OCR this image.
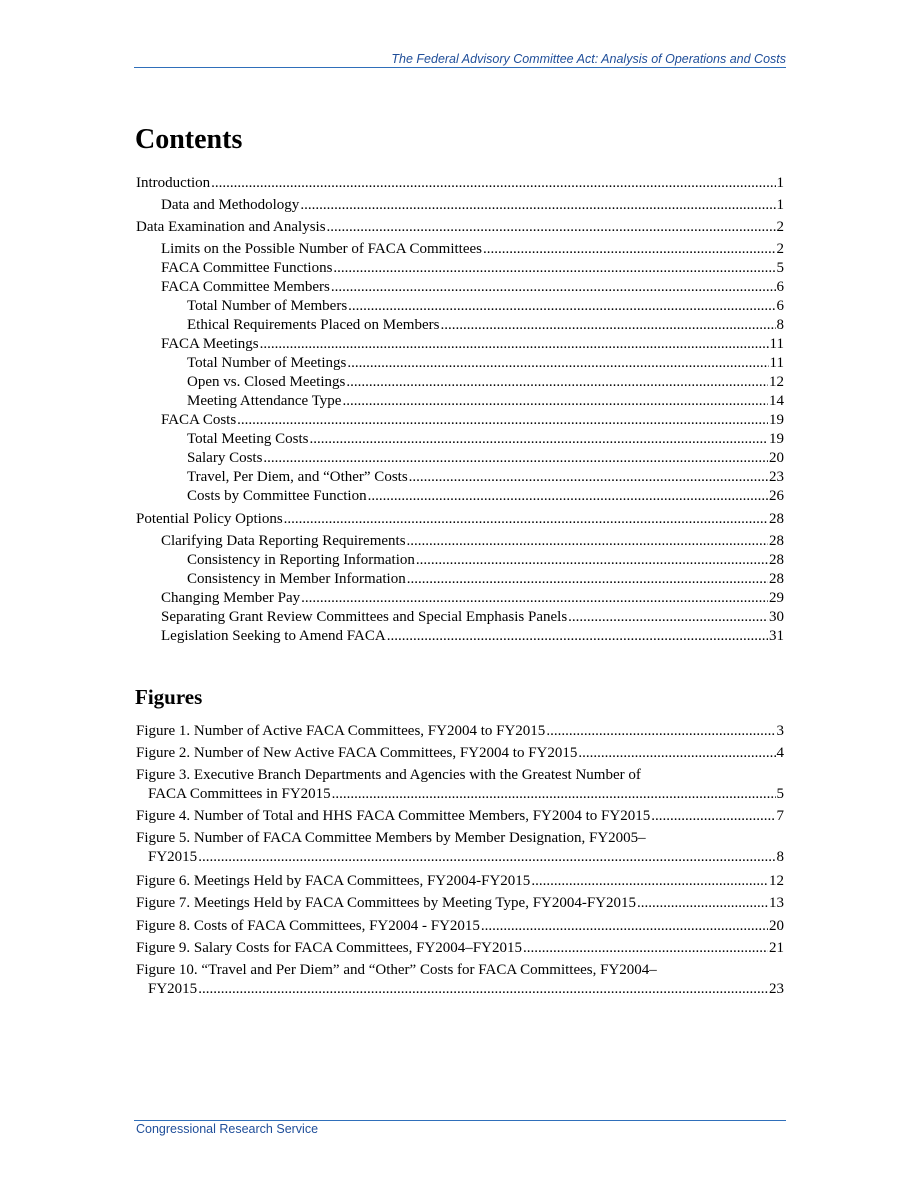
The Federal Advisory Committee Act: Analysis of Operations and Costs
Contents
Introduction .....	1
Data and Methodology .....	1
Data Examination and Analysis .....	2
Limits on the Possible Number of FACA Committees .....	2
FACA Committee Functions .....	5
FACA Committee Members .....	6
Total Number of Members .....	6
Ethical Requirements Placed on Members .....	8
FACA Meetings .....	11
Total Number of Meetings .....	11
Open vs. Closed Meetings .....	12
Meeting Attendance Type .....	14
FACA Costs .....	19
Total Meeting Costs .....	19
Salary Costs .....	20
Travel, Per Diem, and “Other” Costs .....	23
Costs by Committee Function .....	26
Potential Policy Options .....	28
Clarifying Data Reporting Requirements .....	28
Consistency in Reporting Information .....	28
Consistency in Member Information .....	28
Changing Member Pay .....	29
Separating Grant Review Committees and Special Emphasis Panels .....	30
Legislation Seeking to Amend FACA .....	31
Figures
Figure 1. Number of Active FACA Committees, FY2004 to FY2015 .....	3
Figure 2. Number of New Active FACA Committees, FY2004 to FY2015 .....	4
Figure 3. Executive Branch Departments and Agencies with the Greatest Number of
FACA Committees in FY2015 .....	5
Figure 4. Number of Total and HHS FACA Committee Members, FY2004 to FY2015 .....	7
Figure 5. Number of FACA Committee Members by Member Designation, FY2005–
FY2015 .....	8
Figure 6. Meetings Held by FACA Committees, FY2004-FY2015 .....	12
Figure 7. Meetings Held by FACA Committees by Meeting Type, FY2004-FY2015 .....	13
Figure 8. Costs of FACA Committees, FY2004 - FY2015 .....	20
Figure 9. Salary Costs for FACA Committees, FY2004–FY2015 .....	21
Figure 10. “Travel and Per Diem” and “Other” Costs for FACA Committees, FY2004–
FY2015 .....	23
Congressional Research Service
